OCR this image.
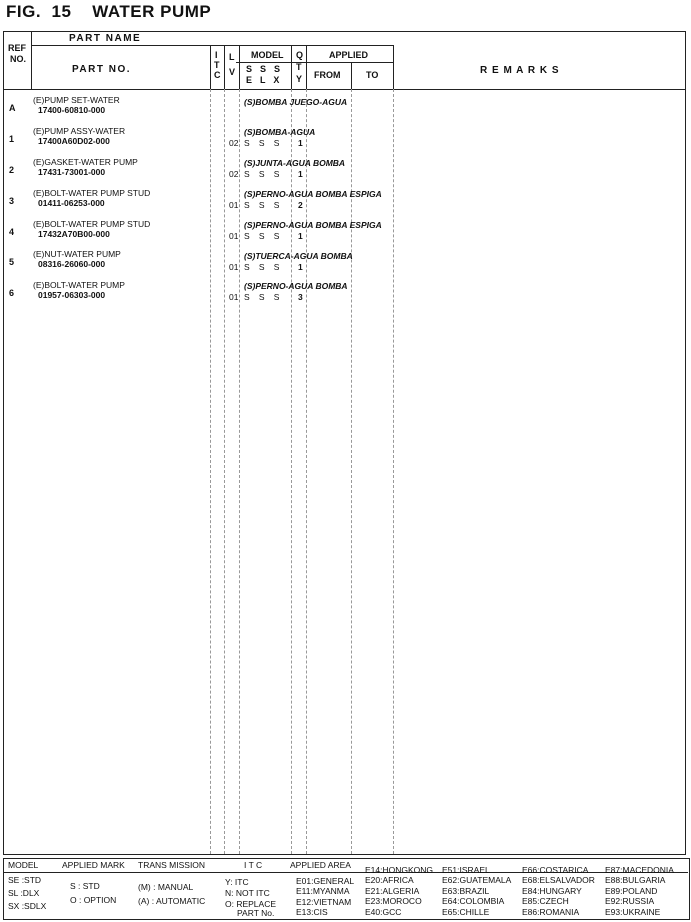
FIG.  15    WATER PUMP
PART NAME
REF
NO.
PART NO.
I
T
C
L
V
MODEL
S  S  S
E  L  X
Q
T
Y
APPLIED
FROM	TO	R E M A R K S
A
(E)PUMP SET-WATER
17400-60810-000
(S)BOMBA JUEGO-AGUA
1
(E)PUMP ASSY-WATER
17400A60D02-000
(S)BOMBA-AGUA
02 S  S  S 1
2
(E)GASKET-WATER PUMP
17431-73001-000
(S)JUNTA-AGUA BOMBA
02 S  S  S 1
3
(E)BOLT-WATER PUMP STUD
01411-06253-000
(S)PERNO-AGUA BOMBA ESPIGA
01 S  S  S 2
4
(E)BOLT-WATER PUMP STUD
17432A70B00-000
(S)PERNO-AGUA BOMBA ESPIGA
01 S  S  S 1
5
(E)NUT-WATER PUMP
08316-26060-000
(S)TUERCA-AGUA BOMBA
01 S  S  S 1
6
(E)BOLT-WATER PUMP
01957-06303-000
(S)PERNO-AGUA BOMBA
01 S  S  S 3
MODEL
SE :STD
SL :DLX
SX :SDLX
APPLIED MARK
S : STD
O : OPTION
TRANS MISSION
(M) : MANUAL
(A) : AUTOMATIC
I T C
Y: ITC
N: NOT ITC
O: REPLACE
PART No.
APPLIED AREA
E01:GENERAL
E11:MYANMA
E12:VIETNAM
E13:CIS
E14:HONGKONG
E20:AFRICA
E21:ALGERIA
E23:MOROCO
E40:GCC
E51:ISRAEL
E62:GUATEMALA
E63:BRAZIL
E64:COLOMBIA
E65:CHILLE
E66:COSTARICA
E68:ELSALVADOR
E84:HUNGARY
E85:CZECH
E86:ROMANIA
E87:MACEDONIA
E88:BULGARIA
E89:POLAND
E92:RUSSIA
E93:UKRAINE
